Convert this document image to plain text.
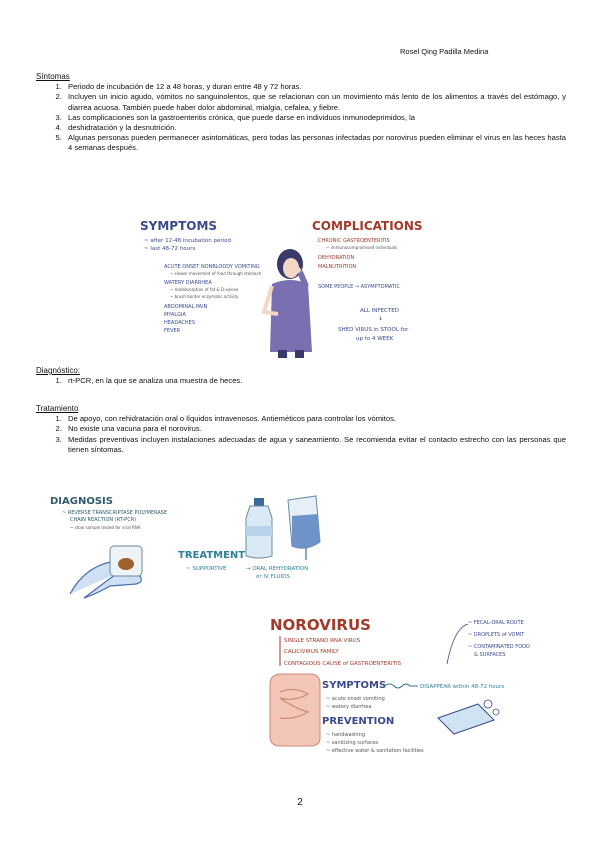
Rosel Qing Padilla Medina

Síntomas

1. Periodo de incubación de 12 a 48 horas, y duran entre 48 y 72 horas.
2. Incluyen un inicio agudo, vómitos no sanguinolentos, que se relacionan con un movimiento más lento de los alimentos a través del estómago, y diarrea acuosa. También puede haber dolor abdominal, mialgia, cefalea, y fiebre.
3. Las complicaciones son la gastroenteritis crónica, que puede darse en individuos inmunodeprimidos, la
4. deshidratación y la desnutrición.
5. Algunas personas pueden permanecer asintomáticas, pero todas las personas infectadas por norovirus pueden eliminar el virus en las heces hasta 4 semanas después.
SYMPTOMS
~ after 12-48 incubation period
~ last 48-72 hours
ACUTE ONSET NONBLOODY VOMITING
~ slower movement of food through stomach
WATERY DIARRHEA
~ malabsorption of fat & D-xylose
~ brush border enzymatic activity
ABDOMINAL PAIN
MYALGIA
HEADACHES
FEVER
COMPLICATIONS
CHRONIC GASTROENTERITIS
~ immunocompromised individuals
DEHYDRATION
MALNUTRITION
SOME PEOPLE → ASYMPTOMATIC
ALL INFECTED
↓
SHED VIRUS in STOOL for
up to 4 WEEK

Diagnóstico:

1. rt-PCR, en la que se analiza una muestra de heces.

Tratamiento

1. De apoyo, con rehidratación oral o líquidos intravenosos. Antieméticos para controlar los vómitos.
2. No existe una vacuna para el norovirus.
3. Medidas preventivas incluyen instalaciones adecuadas de agua y saneamiento. Se recomienda evitar el contacto estrecho con las personas que tienen síntomas.
DIAGNOSIS
~ REVERSE TRANSCRIPTASE POLYMERASE
CHAIN REACTION (RT-PCR)
~ stool sample tested for viral RNA
TREATMENT
~ SUPPORTIVE	→ ORAL REHYDRATION
or IV FLUIDS
NOROVIRUS
SINGLE STRAND RNA VIRUS
CALICIVIRUS FAMILY
CONTAGIOUS CAUSE of GASTROENTERITIS
~ FECAL-ORAL ROUTE
~ DROPLETS of VOMIT
~ CONTAMINATED FOOD
& SURFACES
SYMPTOMS	DISAPPEAR within 48-72 hours
~ acute onset vomiting
~ watery diarrhea
PREVENTION
~ handwashing
~ sanitizing surfaces
~ effective water & sanitation facilities
2
